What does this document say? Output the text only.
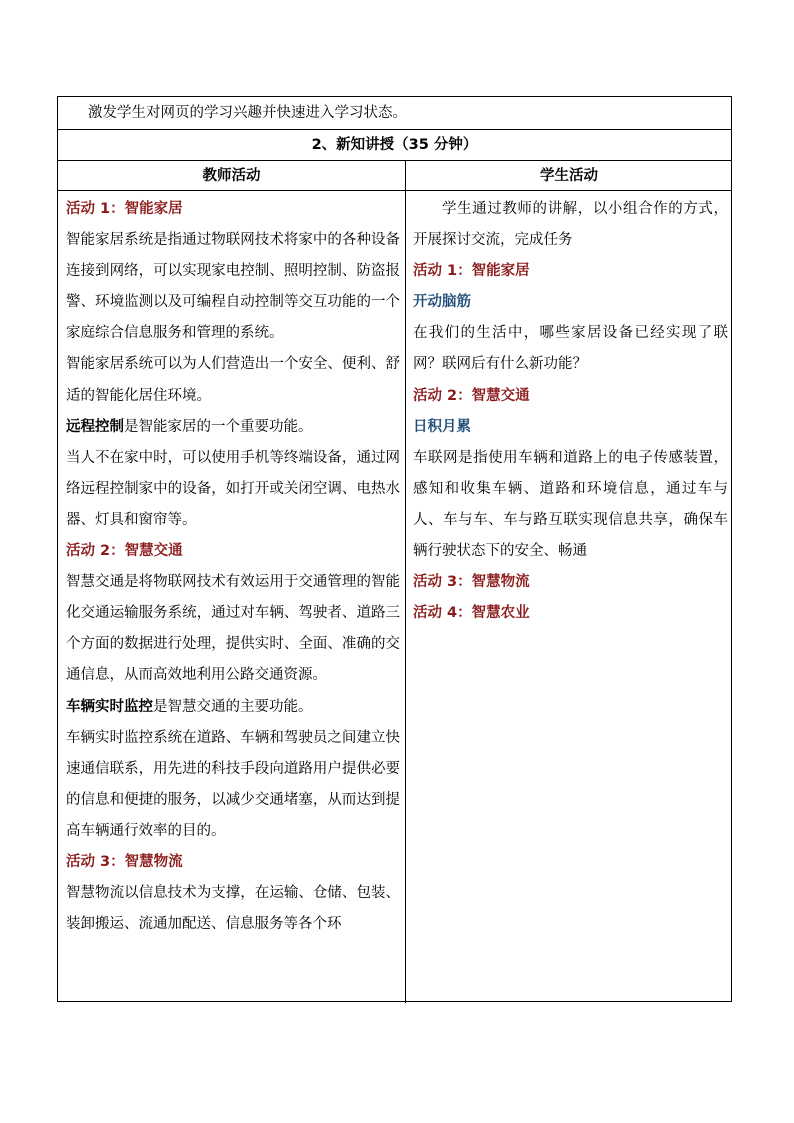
激发学生对网页的学习兴趣并快速进入学习状态。
2、新知讲授（35 分钟）
教师活动	学生活动

活动 1：智能家居

智能家居系统是指通过物联网技术将家中的各种设备连接到网络，可以实现家电控制、照明控制、防盗报警、环境监测以及可编程自动控制等交互功能的一个家庭综合信息服务和管理的系统。

智能家居系统可以为人们营造出一个安全、便利、舒适的智能化居住环境。

远程控制是智能家居的一个重要功能。

当人不在家中时，可以使用手机等终端设备，通过网络远程控制家中的设备，如打开或关闭空调、电热水器、灯具和窗帘等。

活动 2：智慧交通

智慧交通是将物联网技术有效运用于交通管理的智能化交通运输服务系统，通过对车辆、驾驶者、道路三个方面的数据进行处理，提供实时、全面、准确的交通信息，从而高效地利用公路交通资源。

车辆实时监控是智慧交通的主要功能。

车辆实时监控系统在道路、车辆和驾驶员之间建立快速通信联系，用先进的科技手段向道路用户提供必要的信息和便捷的服务，以减少交通堵塞，从而达到提高车辆通行效率的目的。

活动 3：智慧物流

智慧物流以信息技术为支撑，在运输、仓储、包装、装卸搬运、流通加配送、信息服务等各个环

学生通过教师的讲解，以小组合作的方式，开展探讨交流，完成任务

活动 1：智能家居

开动脑筋

在我们的生活中，哪些家居设备已经实现了联网？联网后有什么新功能？

活动 2：智慧交通

日积月累

车联网是指使用车辆和道路上的电子传感装置，感知和收集车辆、道路和环境信息，通过车与人、车与车、车与路互联实现信息共享，确保车辆行驶状态下的安全、畅通

活动 3：智慧物流

活动 4：智慧农业
